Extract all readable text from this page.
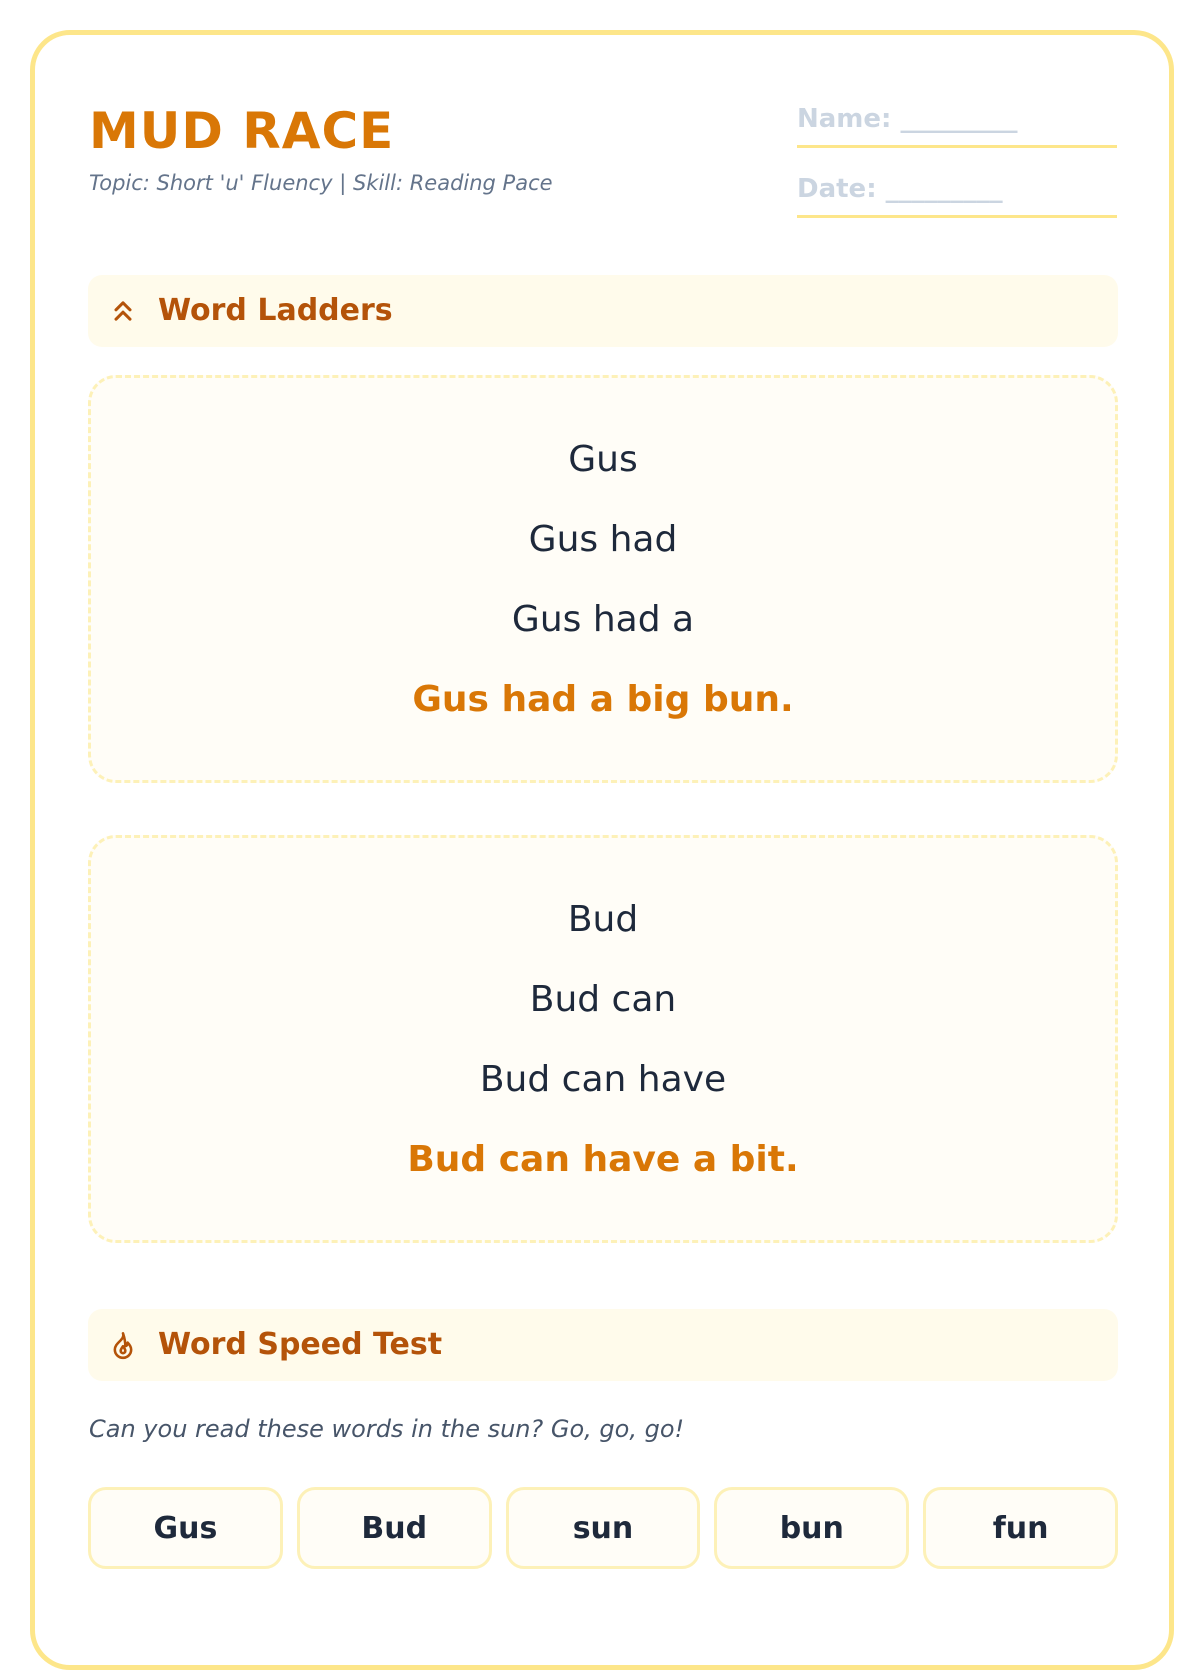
MUD RACE

Topic: Short 'u' Fluency | Skill: Reading Pace

Name: _________
Date: _________
Word Ladders
Gus
Gus had
Gus had a
Gus had a big bun.
Bud
Bud can
Bud can have
Bud can have a bit.
Word Speed Test

Can you read these words in the sun? Go, go, go!

Gus	Bud	sun	bun	fun
